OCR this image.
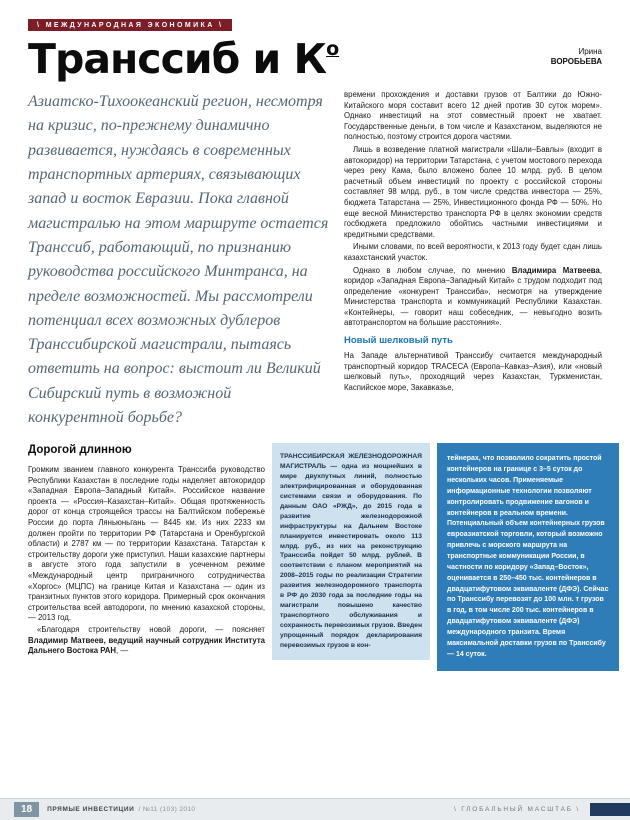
\ МЕЖДУНАРОДНАЯ ЭКОНОМИКА \
Транссиб и $К^о$	Ирина
ВОРОБЬЕВА
Азиатско-Тихоокеанский регион, несмотря на кризис, по-прежнему динамично развивается, нуждаясь в современных транспортных артериях, связывающих запад и восток Евразии. Пока главной магистралью на этом маршруте остается Транссиб, работающий, по признанию руководства российского Минтранса, на пределе возможностей. Мы рассмотрели потенциал всех возможных дублеров Транссибирской магистрали, пытаясь ответить на вопрос: выстоит ли Великий Сибирский путь в возможной конкурентной борьбе?

времени прохождения и доставки грузов от Балтики до Южно-Китайского моря составит всего 12 дней против 30 суток морем». Однако инвестиций на этот совместный проект не хватает. Государственные деньги, в том числе и Казахстаном, выделяются не полностью, поэтому строится дорога частями.

Лишь в возведение платной магистрали «Шали–Бавлы» (входит в автокоридор) на территории Татарстана, с учетом мостового перехода через реку Кама, было вложено более 10 млрд. руб. В целом расчетный объем инвестиций по проекту с российской стороны составляет 98 млрд. руб., в том числе средства инвестора — 25%, бюджета Татарстана — 25%, Инвестиционного фонда РФ — 50%. Но еще весной Министерство транспорта РФ в целях экономии средств госбюджета предложило обойтись частными инвестициями и кредитными средствами.

Иными словами, по всей вероятности, к 2013 году будет сдан лишь казахстанский участок.

Однако в любом случае, по мнению Владимира Матвеева, коридор «Западная Европа–Западный Китай» с трудом подходит под определение «конкурент Транссиба», несмотря на утверждение Министерства транспорта и коммуникаций Республики Казахстан. «Контейнеры, — говорит наш собеседник, — невыгодно возить автотранспортом на большие расстояния».

Новый шелковый путь

На Западе альтернативой Транссибу считается международный транспортный коридор TRACECA (Европа–Кавказ–Азия), или «новый шелковый путь», проходящий через Казахстан, Туркменистан, Каспийское море, Закавказье,

Дорогой длинною

Громким званием главного конкурента Транссиба руководство Республики Казахстан в последние годы наделяет автокоридор «Западная Европа–Западный Китай». Российское название проекта — «Россия–Казахстан–Китай». Общая протяженность дорог от конца строящейся трассы на Балтийском побережье России до порта Ляньюньгань — 8445 км. Из них 2233 км должен пройти по территории РФ (Татарстана и Оренбургской области) и 2787 км — по территории Казахстана. Татарстан к строительству дороги уже приступил. Наши казахские партнеры в августе этого года запустили в усеченном режиме «Международный центр приграничного сотрудничества «Хоргос» (МЦПС) на границе Китая и Казахстана — один из транзитных пунктов этого коридора. Примерный срок окончания строительства всей автодороги, по мнению казахской стороны, — 2013 год.

«Благодаря строительству новой дороги, — поясняет Владимир Матвеев, ведущий научный сотрудник Института Дальнего Востока РАН, —

ТРАНССИБИРСКАЯ ЖЕЛЕЗНОДОРОЖНАЯ МАГИСТРАЛЬ — одна из мощнейших в мире двухпутных линий, полностью электрифицированная и оборудованная системами связи и оборудования. По данным ОАО «РЖД», до 2015 года в развитие железнодорожной инфраструктуры на Дальнем Востоке планируется инвестировать около 113 млрд. руб., из них на реконструкцию Транссиба пойдет 50 млрд. рублей. В соответствии с планом мероприятий на 2008–2015 годы по реализации Стратегии развития железнодорожного транспорта в РФ до 2030 года за последние годы на магистрали повышено качество транспортного обслуживания и сохранность перевозимых грузов. Введен упрощенный порядок декларирования перевозимых грузов в кон-
тейнерах, что позволило сократить простой контейнеров на границе с 3–5 суток до нескольких часов. Применяемые информационные технологии позволяют контролировать продвижение вагонов и контейнеров в реальном времени. Потенциальный объем контейнерных грузов евроазиатской торговли, который возможно привлечь с морского маршрута на транспортные коммуникации России, в частности по коридору «Запад–Восток», оценивается в 250–450 тыс. контейнеров в двадцатифутовом эквиваленте (ДФЭ). Сейчас по Транссибу перевозят до 100 млн. т грузов в год, в том числе 200 тыс. контейнеров в двадцатифутовом эквиваленте (ДФЭ) международного транзита. Время максимальной доставки грузов по Транссибу — 14 суток.
18	ПРЯМЫЕ ИНВЕСТИЦИИ / №11 (103) 2010	\ ГЛОБАЛЬНЫЙ МАСШТАБ \
